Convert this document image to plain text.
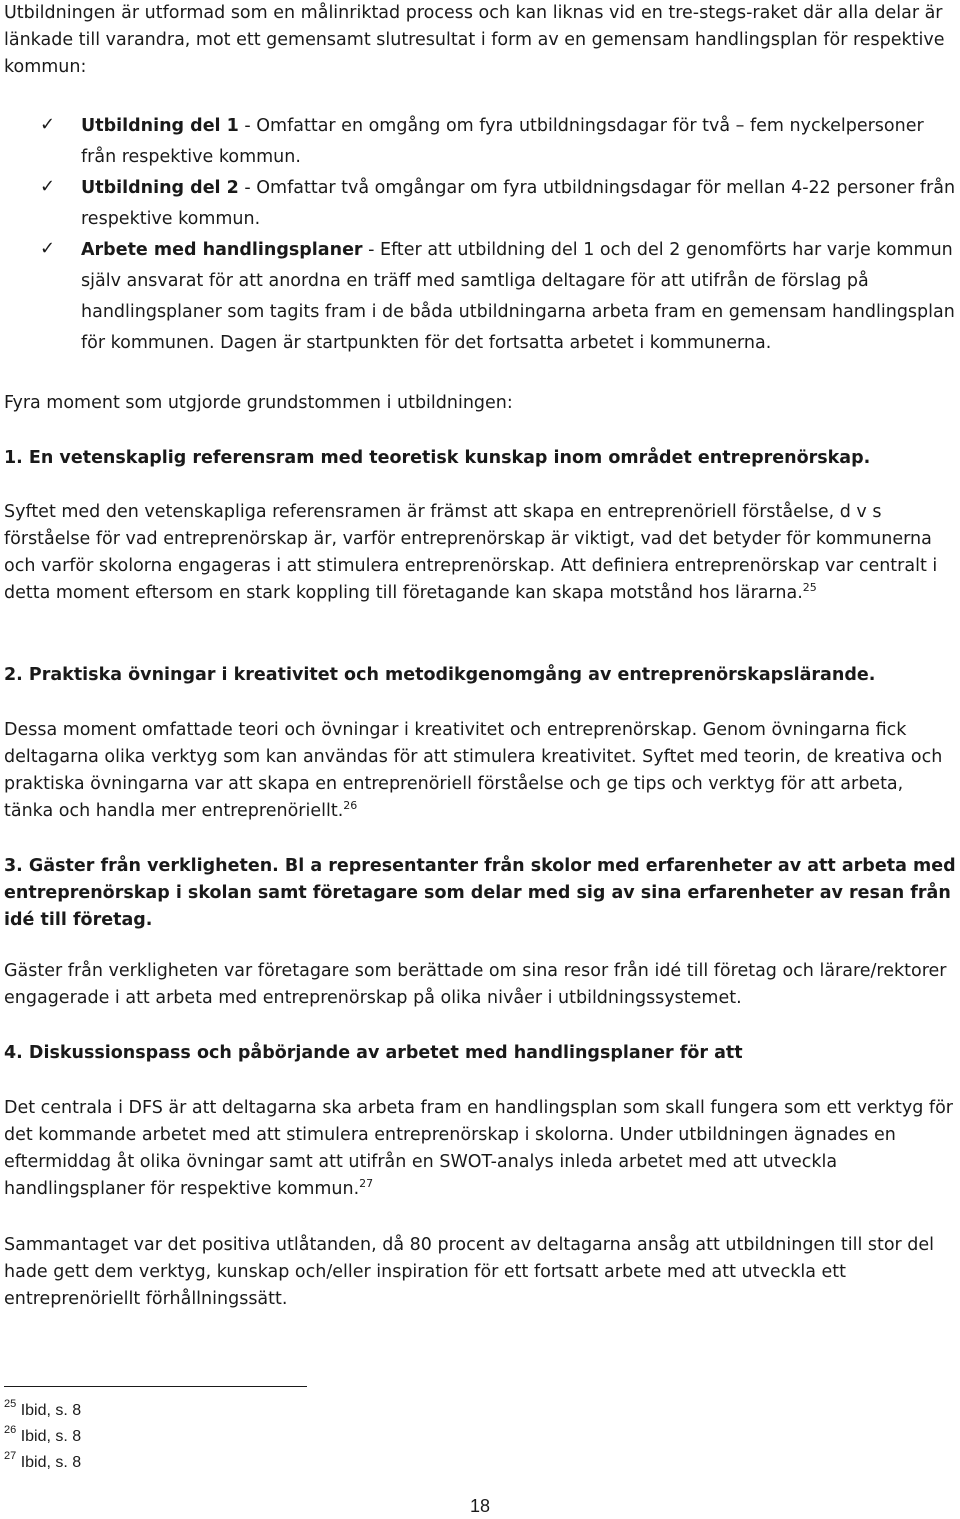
Utbildningen är utformad som en målinriktad process och kan liknas vid en tre-stegs-raket där alla delar är länkade till varandra, mot ett gemensamt slutresultat i form av en gemensam handlingsplan för respektive kommun:

✓ Utbildning del 1 - Omfattar en omgång om fyra utbildningsdagar för två – fem nyckelpersoner från respektive kommun.
✓ Utbildning del 2 - Omfattar två omgångar om fyra utbildningsdagar för mellan 4-22 personer från respektive kommun.
✓ Arbete med handlingsplaner - Efter att utbildning del 1 och del 2 genomförts har varje kommun själv ansvarat för att anordna en träff med samtliga deltagare för att utifrån de förslag på handlingsplaner som tagits fram i de båda utbildningarna arbeta fram en gemensam handlingsplan för kommunen. Dagen är startpunkten för det fortsatta arbetet i kommunerna.

Fyra moment som utgjorde grundstommen i utbildningen:

1. En vetenskaplig referensram med teoretisk kunskap inom området entreprenörskap.

Syftet med den vetenskapliga referensramen är främst att skapa en entreprenöriell förståelse, d v s förståelse för vad entreprenörskap är, varför entreprenörskap är viktigt, vad det betyder för kommunerna och varför skolorna engageras i att stimulera entreprenörskap. Att definiera entreprenörskap var centralt i detta moment eftersom en stark koppling till företagande kan skapa motstånd hos lärarna.$^{25}$

2. Praktiska övningar i kreativitet och metodikgenomgång av entreprenörskapslärande.

Dessa moment omfattade teori och övningar i kreativitet och entreprenörskap. Genom övningarna fick deltagarna olika verktyg som kan användas för att stimulera kreativitet. Syftet med teorin, de kreativa och praktiska övningarna var att skapa en entreprenöriell förståelse och ge tips och verktyg för att arbeta, tänka och handla mer entreprenöriellt.$^{26}$

3. Gäster från verkligheten. Bl a representanter från skolor med erfarenheter av att arbeta med entreprenörskap i skolan samt företagare som delar med sig av sina erfarenheter av resan från idé till företag.

Gäster från verkligheten var företagare som berättade om sina resor från idé till företag och lärare/rektorer engagerade i att arbeta med entreprenörskap på olika nivåer i utbildningssystemet.

4. Diskussionspass och påbörjande av arbetet med handlingsplaner för att

Det centrala i DFS är att deltagarna ska arbeta fram en handlingsplan som skall fungera som ett verktyg för det kommande arbetet med att stimulera entreprenörskap i skolorna. Under utbildningen ägnades en eftermiddag åt olika övningar samt att utifrån en SWOT-analys inleda arbetet med att utveckla handlingsplaner för respektive kommun.$^{27}$

Sammantaget var det positiva utlåtanden, då 80 procent av deltagarna ansåg att utbildningen till stor del hade gett dem verktyg, kunskap och/eller inspiration för ett fortsatt arbete med att utveckla ett entreprenöriellt förhållningssätt.

$^{25}$ Ibid, s. 8
$^{26}$ Ibid, s. 8
$^{27}$ Ibid, s. 8
18
